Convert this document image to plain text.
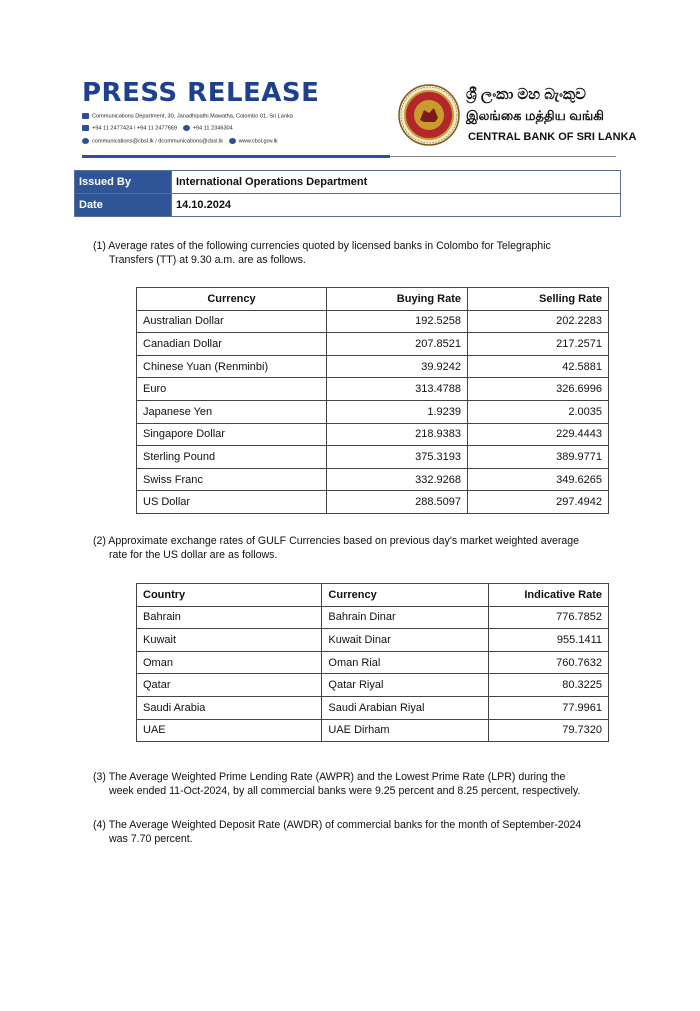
PRESS RELEASE
Communications Department, 30, Janadhipathi Mawatha, Colombo 01, Sri Lanka
+94 11 2477424 / +94 11 2477669	+94 11 2346304
communications@cbsl.lk / dcommunications@cbsl.lk	www.cbsl.gov.lk
ශ්‍රී ලංකා මහ බැංකුව
இலங்கை மத்திய வங்கி
CENTRAL BANK OF SRI LANKA
Issued By	International Operations Department
Date	14.10.2024
(1) Average rates of the following currencies quoted by licensed banks in Colombo for Telegraphic
Transfers (TT) at 9.30 a.m. are as follows.
Currency	Buying Rate	Selling Rate
Australian Dollar	192.5258	202.2283
Canadian Dollar	207.8521	217.2571
Chinese Yuan (Renminbi)	39.9242	42.5881
Euro	313.4788	326.6996
Japanese Yen	1.9239	2.0035
Singapore Dollar	218.9383	229.4443
Sterling Pound	375.3193	389.9771
Swiss Franc	332.9268	349.6265
US Dollar	288.5097	297.4942
(2) Approximate exchange rates of GULF Currencies based on previous day's market weighted average
rate for the US dollar are as follows.
Country	Currency	Indicative Rate
Bahrain	Bahrain Dinar	776.7852
Kuwait	Kuwait Dinar	955.1411
Oman	Oman Rial	760.7632
Qatar	Qatar Riyal	80.3225
Saudi Arabia	Saudi Arabian Riyal	77.9961
UAE	UAE Dirham	79.7320
(3) The Average Weighted Prime Lending Rate (AWPR) and the Lowest Prime Rate (LPR) during the
week ended 11-Oct-2024, by all commercial banks were 9.25 percent and 8.25 percent, respectively.
(4) The Average Weighted Deposit Rate (AWDR) of commercial banks for the month of September-2024
was 7.70 percent.
